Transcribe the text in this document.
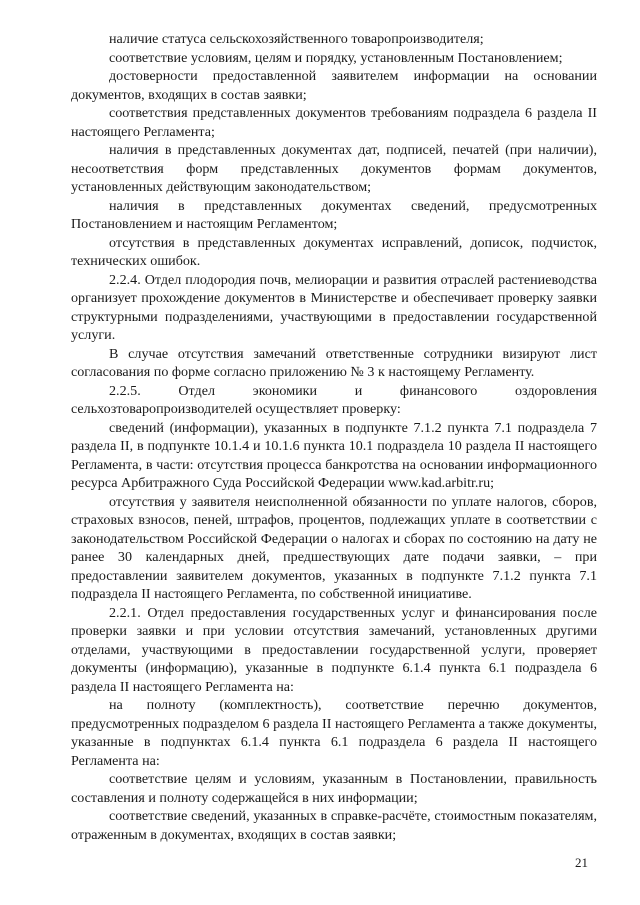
наличие статуса сельскохозяйственного товаропроизводителя;

соответствие условиям, целям и порядку, установленным Постановлением;

достоверности предоставленной заявителем информации на основании документов, входящих в состав заявки;

соответствия представленных документов требованиям подраздела 6 раздела II настоящего Регламента;

наличия в представленных документах дат, подписей, печатей (при наличии), несоответствия форм представленных документов формам документов, установленных действующим законодательством;

наличия в представленных документах сведений, предусмотренных Постановлением и настоящим Регламентом;

отсутствия в представленных документах исправлений, дописок, подчисток, технических ошибок.

2.2.4. Отдел плодородия почв, мелиорации и развития отраслей растениеводства организует прохождение документов в Министерстве и обеспечивает проверку заявки структурными подразделениями, участвующими в предоставлении государственной услуги.

В случае отсутствия замечаний ответственные сотрудники визируют лист согласования по форме согласно приложению № 3 к настоящему Регламенту.

2.2.5. Отдел экономики и финансового оздоровления сельхозтоваропроизводителей осуществляет проверку:

сведений (информации), указанных в подпункте 7.1.2 пункта 7.1 подраздела 7 раздела II, в подпункте 10.1.4 и 10.1.6 пункта 10.1 подраздела 10 раздела II настоящего Регламента, в части: отсутствия процесса банкротства на основании информационного ресурса Арбитражного Суда Российской Федерации www.kad.arbitr.ru;

отсутствия у заявителя неисполненной обязанности по уплате налогов, сборов, страховых взносов, пеней, штрафов, процентов, подлежащих уплате в соответствии с законодательством Российской Федерации о налогах и сборах по состоянию на дату не ранее 30 календарных дней, предшествующих дате подачи заявки, – при предоставлении заявителем документов, указанных в подпункте 7.1.2 пункта 7.1 подраздела II настоящего Регламента, по собственной инициативе.

2.2.1. Отдел предоставления государственных услуг и финансирования после проверки заявки и при условии отсутствия замечаний, установленных другими отделами, участвующими в предоставлении государственной услуги, проверяет документы (информацию), указанные в подпункте 6.1.4 пункта 6.1 подраздела 6 раздела II настоящего Регламента на:

на полноту (комплектность), соответствие перечню документов, предусмотренных подразделом 6 раздела II настоящего Регламента а также документы, указанные в подпунктах 6.1.4 пункта 6.1 подраздела 6 раздела II настоящего Регламента на:

соответствие целям и условиям, указанным в Постановлении, правильность составления и полноту содержащейся в них информации;

соответствие сведений, указанных в справке-расчёте, стоимостным показателям, отраженным в документах, входящих в состав заявки;

21
